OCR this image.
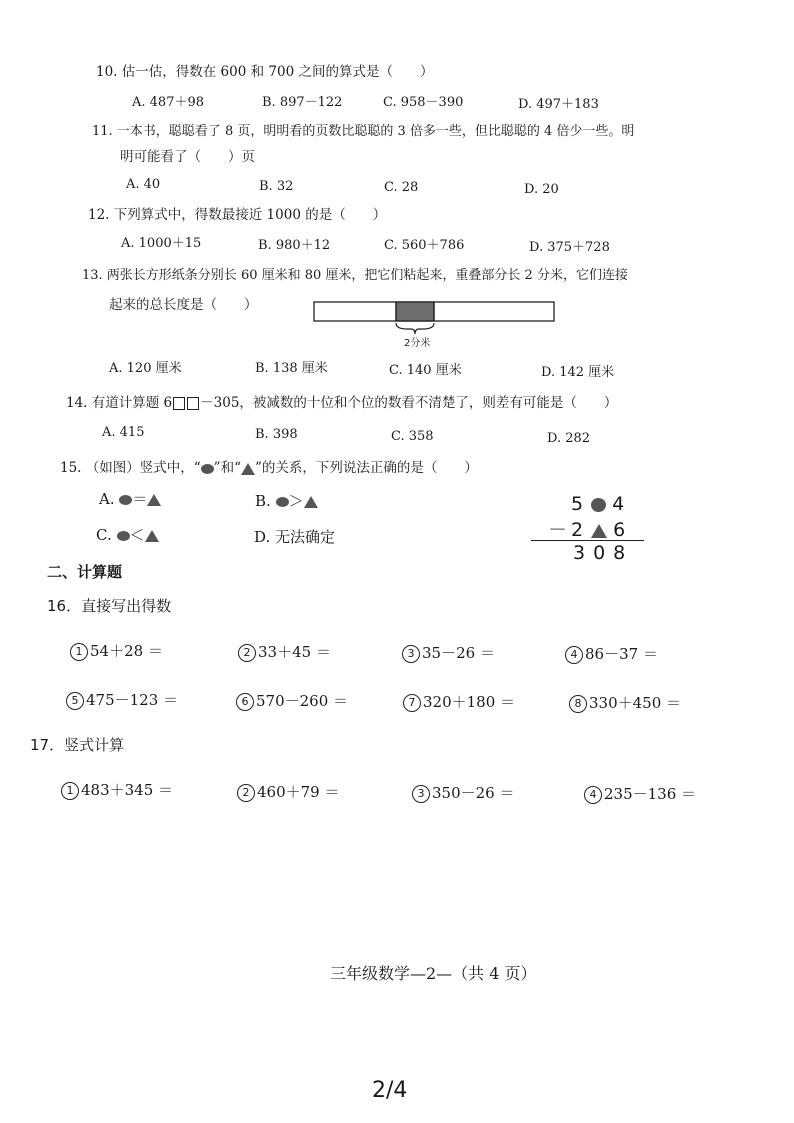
10. 估一估，得数在 600 和 700 之间的算式是（　　）
A. 487＋98	B. 897－122	C. 958－390	D. 497＋183
11. 一本书，聪聪看了 8 页，明明看的页数比聪聪的 3 倍多一些，但比聪聪的 4 倍少一些。明
明可能看了（　　）页
A. 40	B. 32	C. 28	D. 20
12. 下列算式中，得数最接近 1000 的是（　　）
A. 1000＋15	B. 980＋12	C. 560＋786	D. 375＋728
13. 两张长方形纸条分别长 60 厘米和 80 厘米，把它们粘起来，重叠部分长 2 分米，它们连接
起来的总长度是（　　）
2分米
A. 120 厘米	B. 138 厘米	C. 140 厘米	D. 142 厘米
14. 有道计算题 6 －305，被减数的十位和个位的数看不清楚了，则差有可能是（　　）
A. 415	B. 398	C. 358	D. 282
15. （如图）竖式中，“ ”和“ ”的关系，下列说法正确的是（　　）
A. ＝	B. ＞
C. ＜	D. 无法确定
5 4
－2 6
308
二、计算题
16．直接写出得数
1 54＋28 ＝	2 33＋45 ＝	3 35－26 ＝	4 86－37 ＝
5 475－123 ＝	6 570－260 ＝	7 320＋180 ＝	8 330＋450 ＝
17．竖式计算
1 483＋345 ＝	2 460＋79 ＝	3 350－26 ＝	4 235－136 ＝
三年级数学—2—（共 4 页）
2/4
